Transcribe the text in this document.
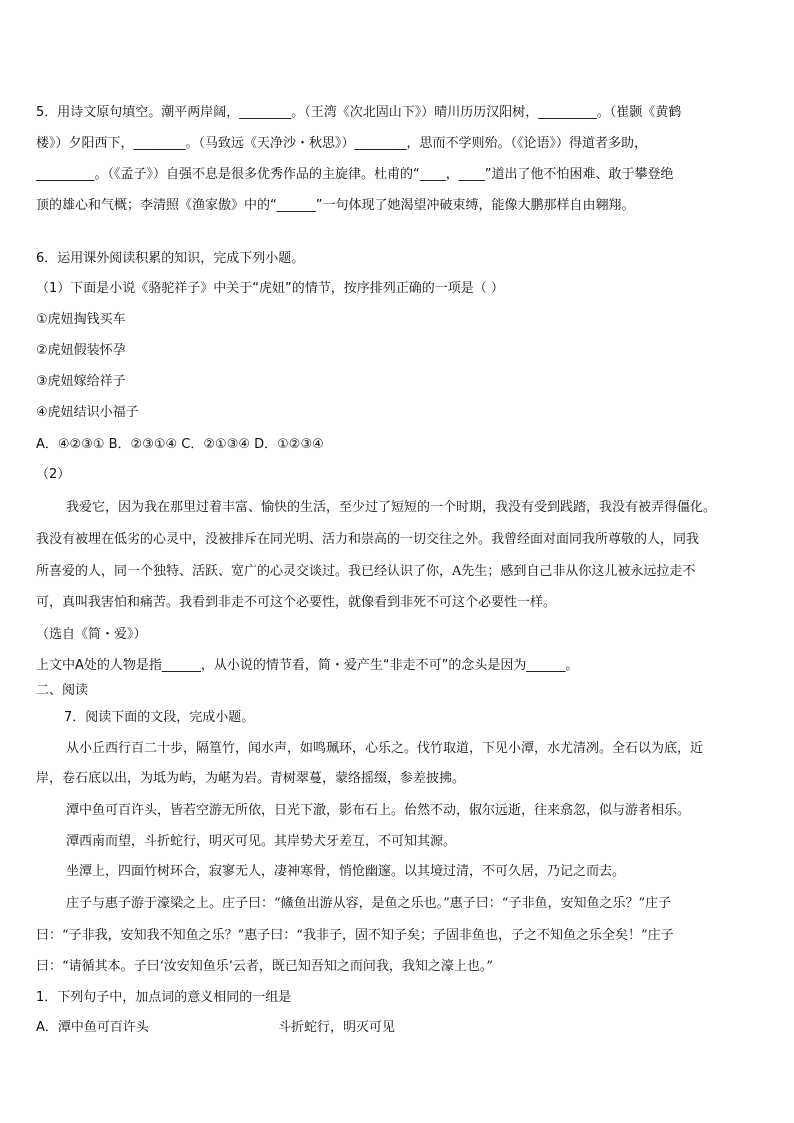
5．用诗文原句填空。潮平两岸阔，________。（王湾《次北固山下》）晴川历历汉阳树，_________。（崔颢《黄鹤
楼》）夕阳西下，________。（马致远《天净沙・秋思》）________，思而不学则殆。（《论语》）得道者多助，
_________。（《孟子》）自强不息是很多优秀作品的主旋律。杜甫的“____，____”道出了他不怕困难、敢于攀登绝
顶的雄心和气概；李清照《渔家傲》中的“______”一句体现了她渴望冲破束缚，能像大鹏那样自由翱翔。
6．运用课外阅读积累的知识，完成下列小题。
（1）下面是小说《骆驼祥子》中关于“虎妞”的情节，按序排列正确的一项是（ ）
①虎妞掏钱买车
②虎妞假装怀孕
③虎妞嫁给祥子
④虎妞结识小福子
A．④②③① B．②③①④ C．②①③④ D．①②③④
（2）
我爱它，因为我在那里过着丰富、愉快的生活，至少过了短短的一个时期，我没有受到践踏，我没有被弄得僵化。
我没有被埋在低劣的心灵中，没被排斥在同光明、活力和崇高的一切交往之外。我曾经面对面同我所尊敬的人，同我
所喜爱的人，同一个独特、活跃、宽广的心灵交谈过。我已经认识了你，A先生；感到自己非从你这儿被永远拉走不
可，真叫我害怕和痛苦。我看到非走不可这个必要性，就像看到非死不可这个必要性一样。
（选自《简・爱》）
上文中A处的人物是指______，从小说的情节看，简・爱产生“非走不可”的念头是因为______。
二、阅读
7．阅读下面的文段，完成小题。
从小丘西行百二十步，隔篁竹，闻水声，如鸣珮环，心乐之。伐竹取道，下见小潭，水尤清冽。全石以为底，近
岸，卷石底以出，为坻为屿，为嵁为岩。青树翠蔓，蒙络摇缀，参差披拂。
潭中鱼可百许头，皆若空游无所依，日光下澈，影布石上。佁然不动，俶尔远逝，往来翕忽，似与游者相乐。
潭西南而望，斗折蛇行，明灭可见。其岸势犬牙差互，不可知其源。
坐潭上，四面竹树环合，寂寥无人，凄神寒骨，悄怆幽邃。以其境过清，不可久居，乃记之而去。
庄子与惠子游于濠梁之上。庄子曰：“鯈鱼出游从容，是鱼之乐也。”惠子曰：“子非鱼，安知鱼之乐？”庄子
曰：“子非我，安知我不知鱼之乐？”惠子曰：“我非子，固不知子矣；子固非鱼也，子之不知鱼之乐全矣！”庄子
曰：“请循其本。子曰‘汝安知鱼乐’云者，既已知吾知之而问我，我知之濠上也。”
1．下列句子中，加点词的意义相同的一组是
A．潭中鱼可百许头	斗折蛇行，明灭可见
